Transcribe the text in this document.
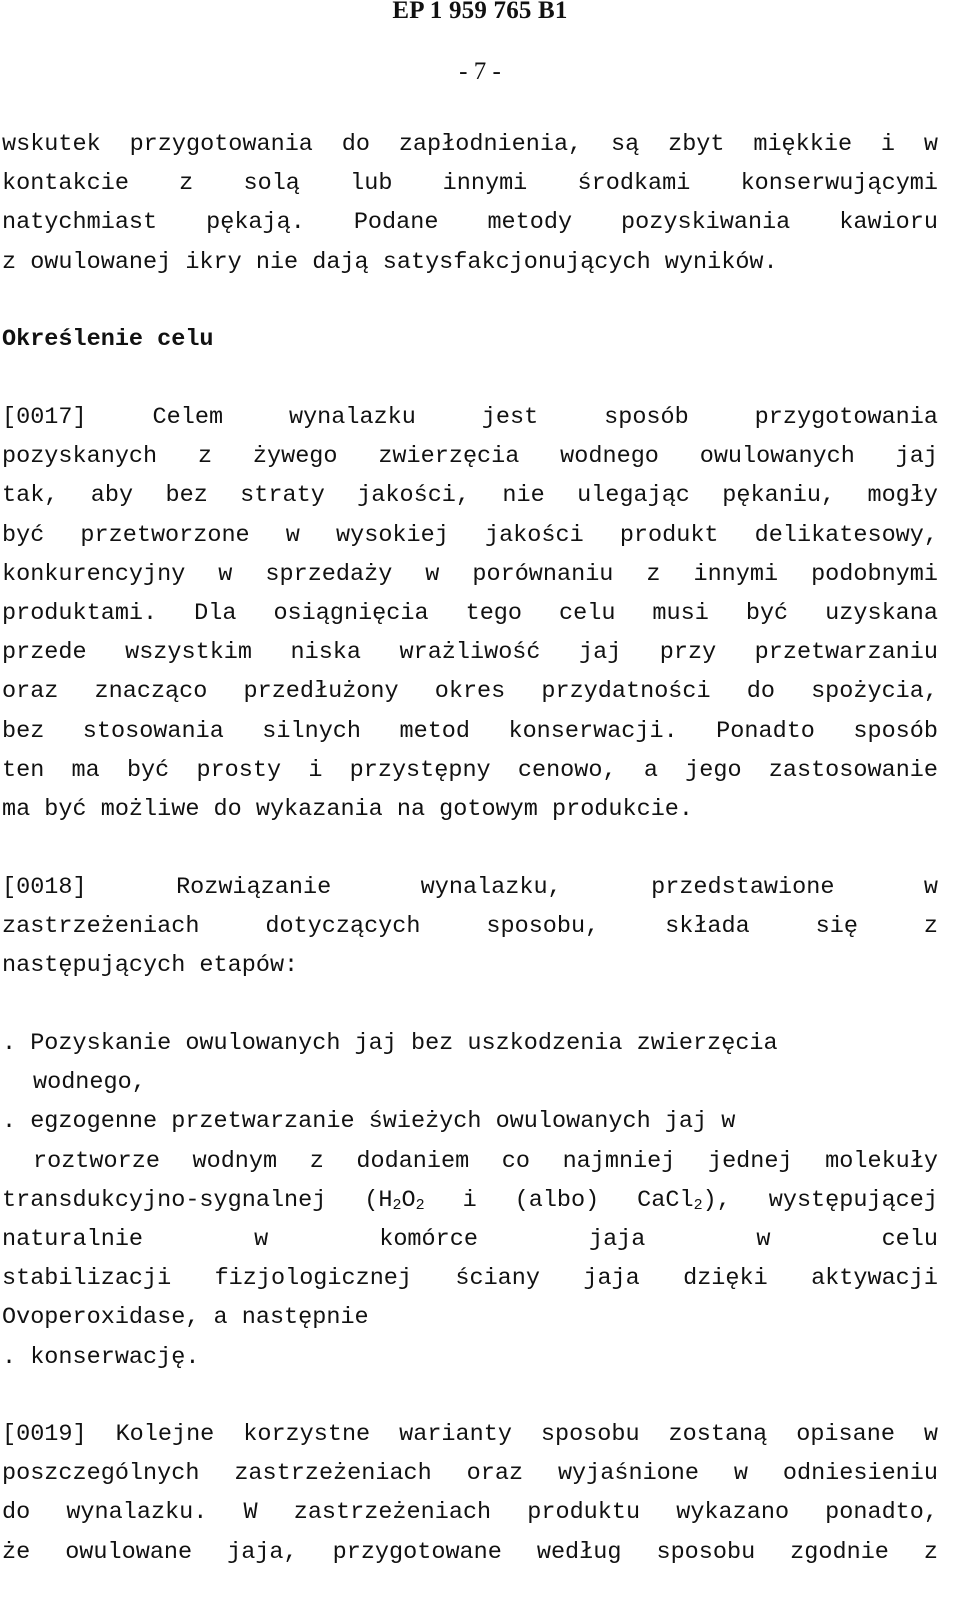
EP 1 959 765 B1
- 7 -
wskutek przygotowania do zapłodnienia, są zbyt miękkie i w
kontakcie z solą lub innymi środkami konserwującymi
natychmiast pękają. Podane metody pozyskiwania kawioru
z owulowanej ikry nie dają satysfakcjonujących wyników.
Określenie celu
[0017] Celem wynalazku jest sposób przygotowania
pozyskanych z żywego zwierzęcia wodnego owulowanych jaj
tak, aby bez straty jakości, nie ulegając pękaniu, mogły
być przetworzone w wysokiej jakości produkt delikatesowy,
konkurencyjny w sprzedaży w porównaniu z innymi podobnymi
produktami. Dla osiągnięcia tego celu musi być uzyskana
przede wszystkim niska wrażliwość jaj przy przetwarzaniu
oraz znacząco przedłużony okres przydatności do spożycia,
bez stosowania silnych metod konserwacji. Ponadto sposób
ten ma być prosty i przystępny cenowo, a jego zastosowanie
ma być możliwe do wykazania na gotowym produkcie.
[0018] Rozwiązanie wynalazku, przedstawione w
zastrzeżeniach dotyczących sposobu, składa się z
następujących etapów:
. Pozyskanie owulowanych jaj bez uszkodzenia zwierzęcia
wodnego,
. egzogenne przetwarzanie świeżych owulowanych jaj w
roztworze wodnym z dodaniem co najmniej jednej molekuły
transdukcyjno-sygnalnej ($H_2O_2$ i (albo) CaCl$_2$), występującej
naturalnie w komórce jaja w celu
stabilizacji fizjologicznej ściany jaja dzięki aktywacji
Ovoperoxidase, a następnie
. konserwację.
[0019] Kolejne korzystne warianty sposobu zostaną opisane w
poszczególnych zastrzeżeniach oraz wyjaśnione w odniesieniu
do wynalazku. W zastrzeżeniach produktu wykazano ponadto,
że owulowane jaja, przygotowane według sposobu zgodnie z
